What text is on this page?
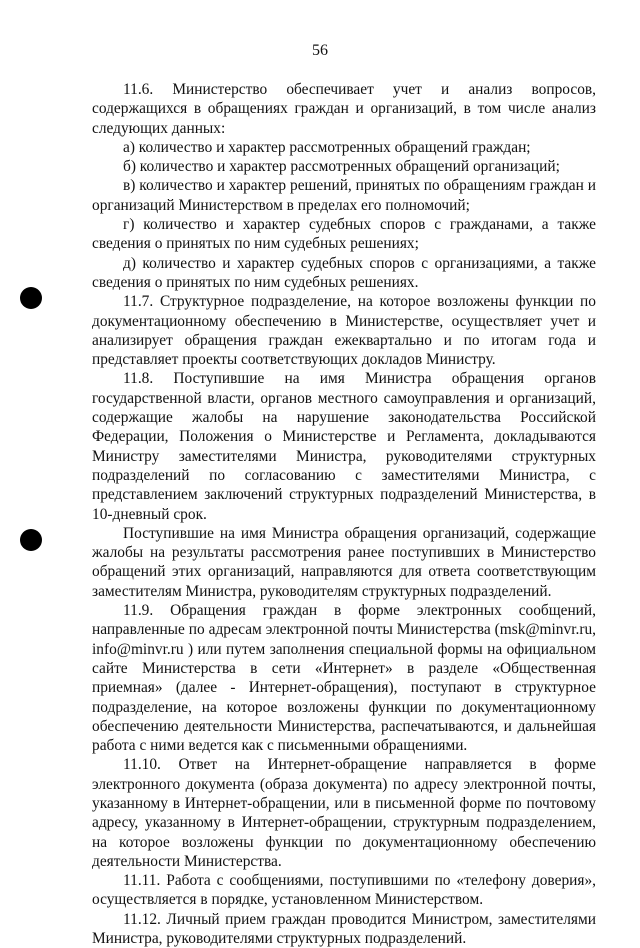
56

11.6. Министерство обеспечивает учет и анализ вопросов, содержащихся в обращениях граждан и организаций, в том числе анализ следующих данных:

а) количество и характер рассмотренных обращений граждан;

б) количество и характер рассмотренных обращений организаций;

в) количество и характер решений, принятых по обращениям граждан и организаций Министерством в пределах его полномочий;

г) количество и характер судебных споров с гражданами, а также сведения о принятых по ним судебных решениях;

д) количество и характер судебных споров с организациями, а также сведения о принятых по ним судебных решениях.

11.7. Структурное подразделение, на которое возложены функции по документационному обеспечению в Министерстве, осуществляет учет и анализирует обращения граждан ежеквартально и по итогам года и представляет проекты соответствующих докладов Министру.

11.8. Поступившие на имя Министра обращения органов государственной власти, органов местного самоуправления и организаций, содержащие жалобы на нарушение законодательства Российской Федерации, Положения о Министерстве и Регламента, докладываются Министру заместителями Министра, руководителями структурных подразделений по согласованию с заместителями Министра, с представлением заключений структурных подразделений Министерства, в 10-дневный срок.

Поступившие на имя Министра обращения организаций, содержащие жалобы на результаты рассмотрения ранее поступивших в Министерство обращений этих организаций, направляются для ответа соответствующим заместителям Министра, руководителям структурных подразделений.

11.9. Обращения граждан в форме электронных сообщений, направленные по адресам электронной почты Министерства (msk@minvr.ru, info@minvr.ru ) или путем заполнения специальной формы на официальном сайте Министерства в сети «Интернет» в разделе «Общественная приемная» (далее - Интернет-обращения), поступают в структурное подразделение, на которое возложены функции по документационному обеспечению деятельности Министерства, распечатываются, и дальнейшая работа с ними ведется как с письменными обращениями.

11.10. Ответ на Интернет-обращение направляется в форме электронного документа (образа документа) по адресу электронной почты, указанному в Интернет-обращении, или в письменной форме по почтовому адресу, указанному в Интернет-обращении, структурным подразделением, на которое возложены функции по документационному обеспечению деятельности Министерства.

11.11. Работа с сообщениями, поступившими по «телефону доверия», осуществляется в порядке, установленном Министерством.

11.12. Личный прием граждан проводится Министром, заместителями Министра, руководителями структурных подразделений.
